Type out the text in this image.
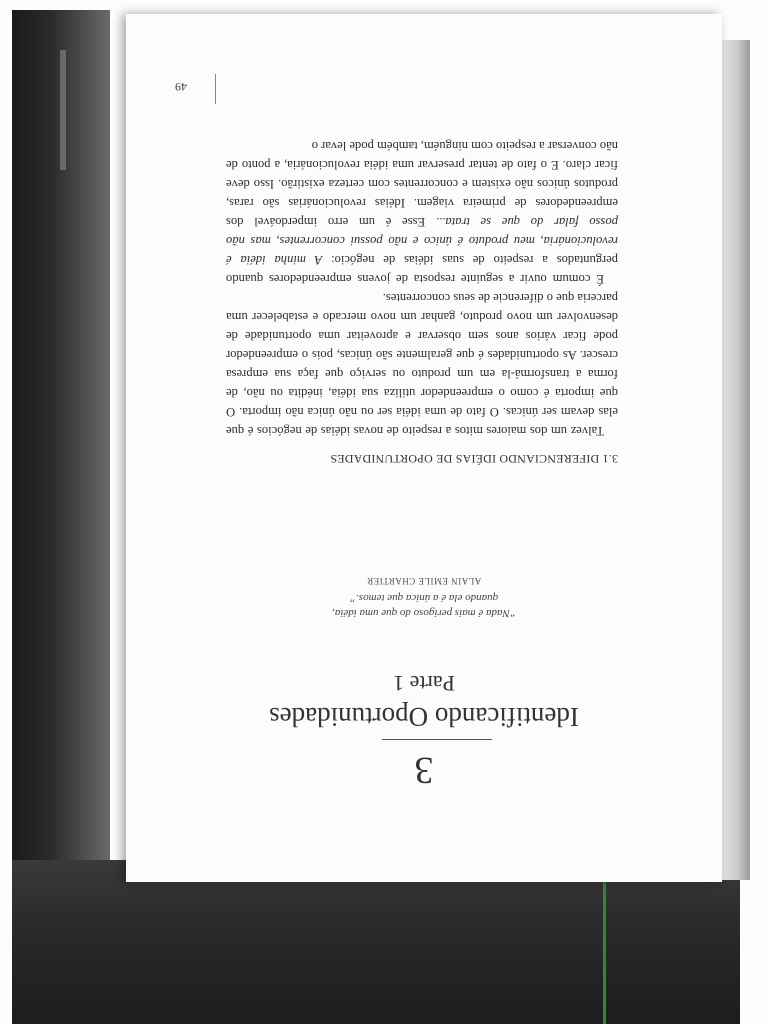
3
Identificando Oportunidades
Parte 1
“Nada é mais perigoso do que uma idéia,
quando ela é a única que temos.”
ALAIN EMILE CHARTIER
3.1 DIFERENCIANDO IDÉIAS DE OPORTUNIDADES

Talvez um dos maiores mitos a respeito de novas idéias de negócios é que elas devam ser únicas. O fato de uma idéia ser ou não única não importa. O que importa é como o empreendedor utiliza sua idéia, inédita ou não, de forma a transformá-la em um produto ou serviço que faça sua empresa crescer. As oportunidades é que geralmente são únicas, pois o empreendedor pode ficar vários anos sem observar e aproveitar uma oportunidade de desenvolver um novo produto, ganhar um novo mercado e estabelecer uma parceria que o diferencie de seus concorrentes.

É comum ouvir a seguinte resposta de jovens empreendedores quando perguntados a respeito de suas idéias de negócio: A minha idéia é revolucionária, meu produto é único e não possui concorrentes, mas não posso falar do que se trata... Esse é um erro imperdoável dos empreendedores de primeira viagem. Idéias revolucionárias são raras, produtos únicos não existem e concorrentes com certeza existirão. Isso deve ficar claro. E o fato de tentar preservar uma idéia revolucionária, a ponto de não conversar a respeito com ninguém, também pode levar o

49
